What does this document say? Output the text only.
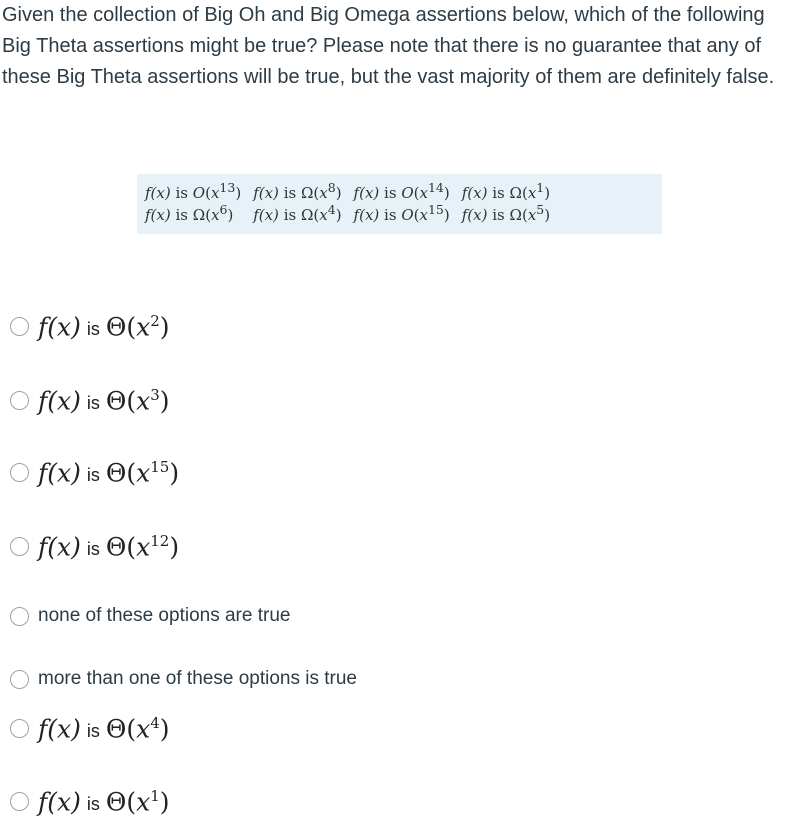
Given the collection of Big Oh and Big Omega assertions below, which of the following Big Theta assertions might be true? Please note that there is no guarantee that any of these Big Theta assertions will be true, but the vast majority of them are definitely false.

f(x) is $O(x^{13})$	f(x) is $\Omega(x^8)$	f(x) is $O(x^{14})$	f(x) is $\Omega(x^1)$
f(x) is $\Omega(x^6)$	f(x) is $\Omega(x^4)$	f(x) is $O(x^{15})$	f(x) is $\Omega(x^5)$
f(x) is $\Theta(x^2)$
f(x) is $\Theta(x^3)$
f(x) is $\Theta(x^{15})$
f(x) is $\Theta(x^{12})$
none of these options are true
more than one of these options is true
f(x) is $\Theta(x^4)$
f(x) is $\Theta(x^1)$
